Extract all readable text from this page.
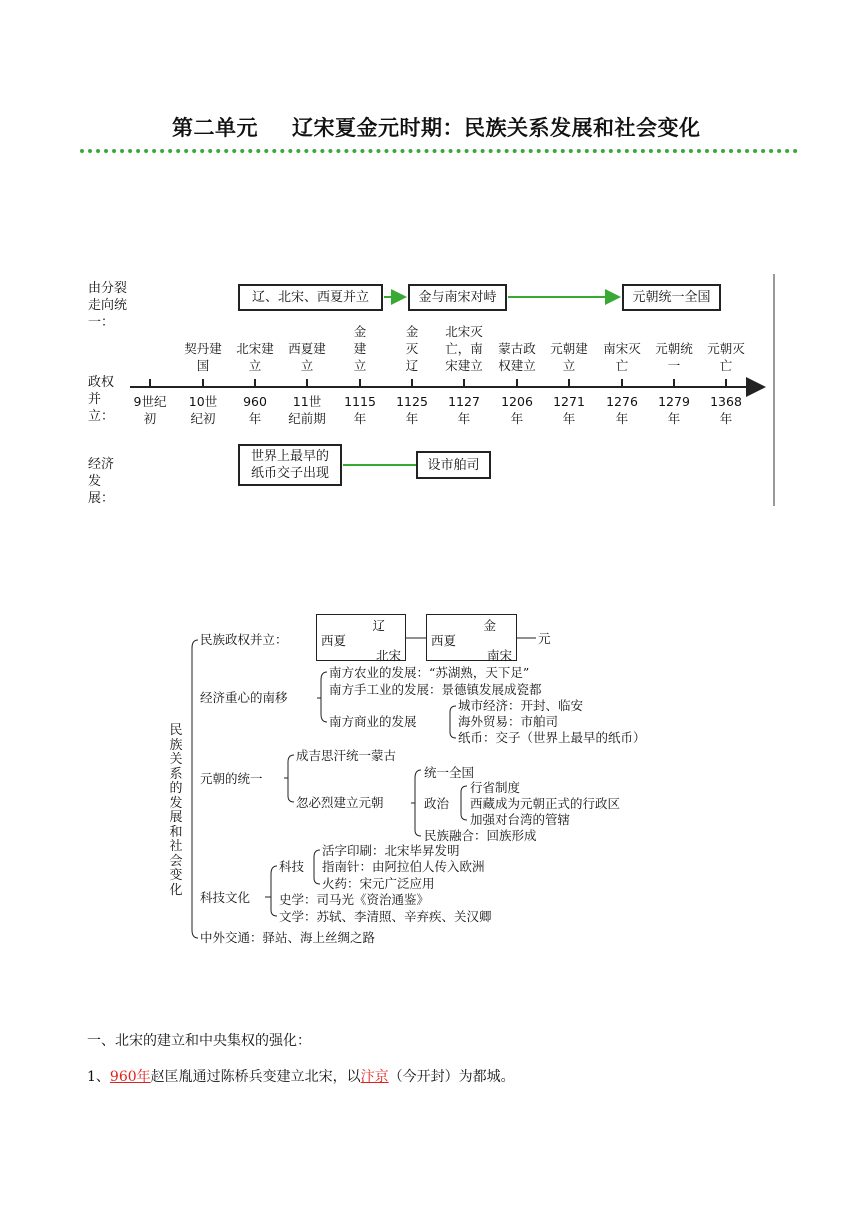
第二单元 辽宋夏金元时期：民族关系发展和社会变化
由分裂走向统一：
政权并立：
经济发展：
辽、北宋、西夏并立	金与南宋对峙	元朝统一全国
世界上最早的纸币交子出现
设市舶司
9世纪初
契丹建国
10世纪初
北宋建立
960年
西夏建立
11世纪前期
金建立
1115年
金灭辽
1125年
北宋灭亡，南宋建立
1127年
蒙古政权建立
1206年
元朝建立
1271年
南宋灭亡
1276年
元朝统一
1279年
元朝灭亡
1368年
民族关系的发展和社会变化
民族政权并立：
辽
西夏
北宋
金
西夏
南宋
元
经济重心的南移
南方农业的发展：“苏湖熟，天下足”
南方手工业的发展：景德镇发展成瓷都
南方商业的发展
城市经济：开封、临安
海外贸易：市舶司
纸币：交子（世界上最早的纸币）
元朝的统一
成吉思汗统一蒙古
忽必烈建立元朝
统一全国
政治
行省制度
西藏成为元朝正式的行政区
加强对台湾的管辖
民族融合：回族形成
科技文化
科技
活字印刷：北宋毕昇发明
指南针：由阿拉伯人传入欧洲
火药：宋元广泛应用
史学：司马光《资治通鉴》
文学：苏轼、李清照、辛弃疾、关汉卿
中外交通：驿站、海上丝绸之路
一、北宋的建立和中央集权的强化：
1、960年赵匡胤通过陈桥兵变建立北宋，以汴京（今开封）为都城。
